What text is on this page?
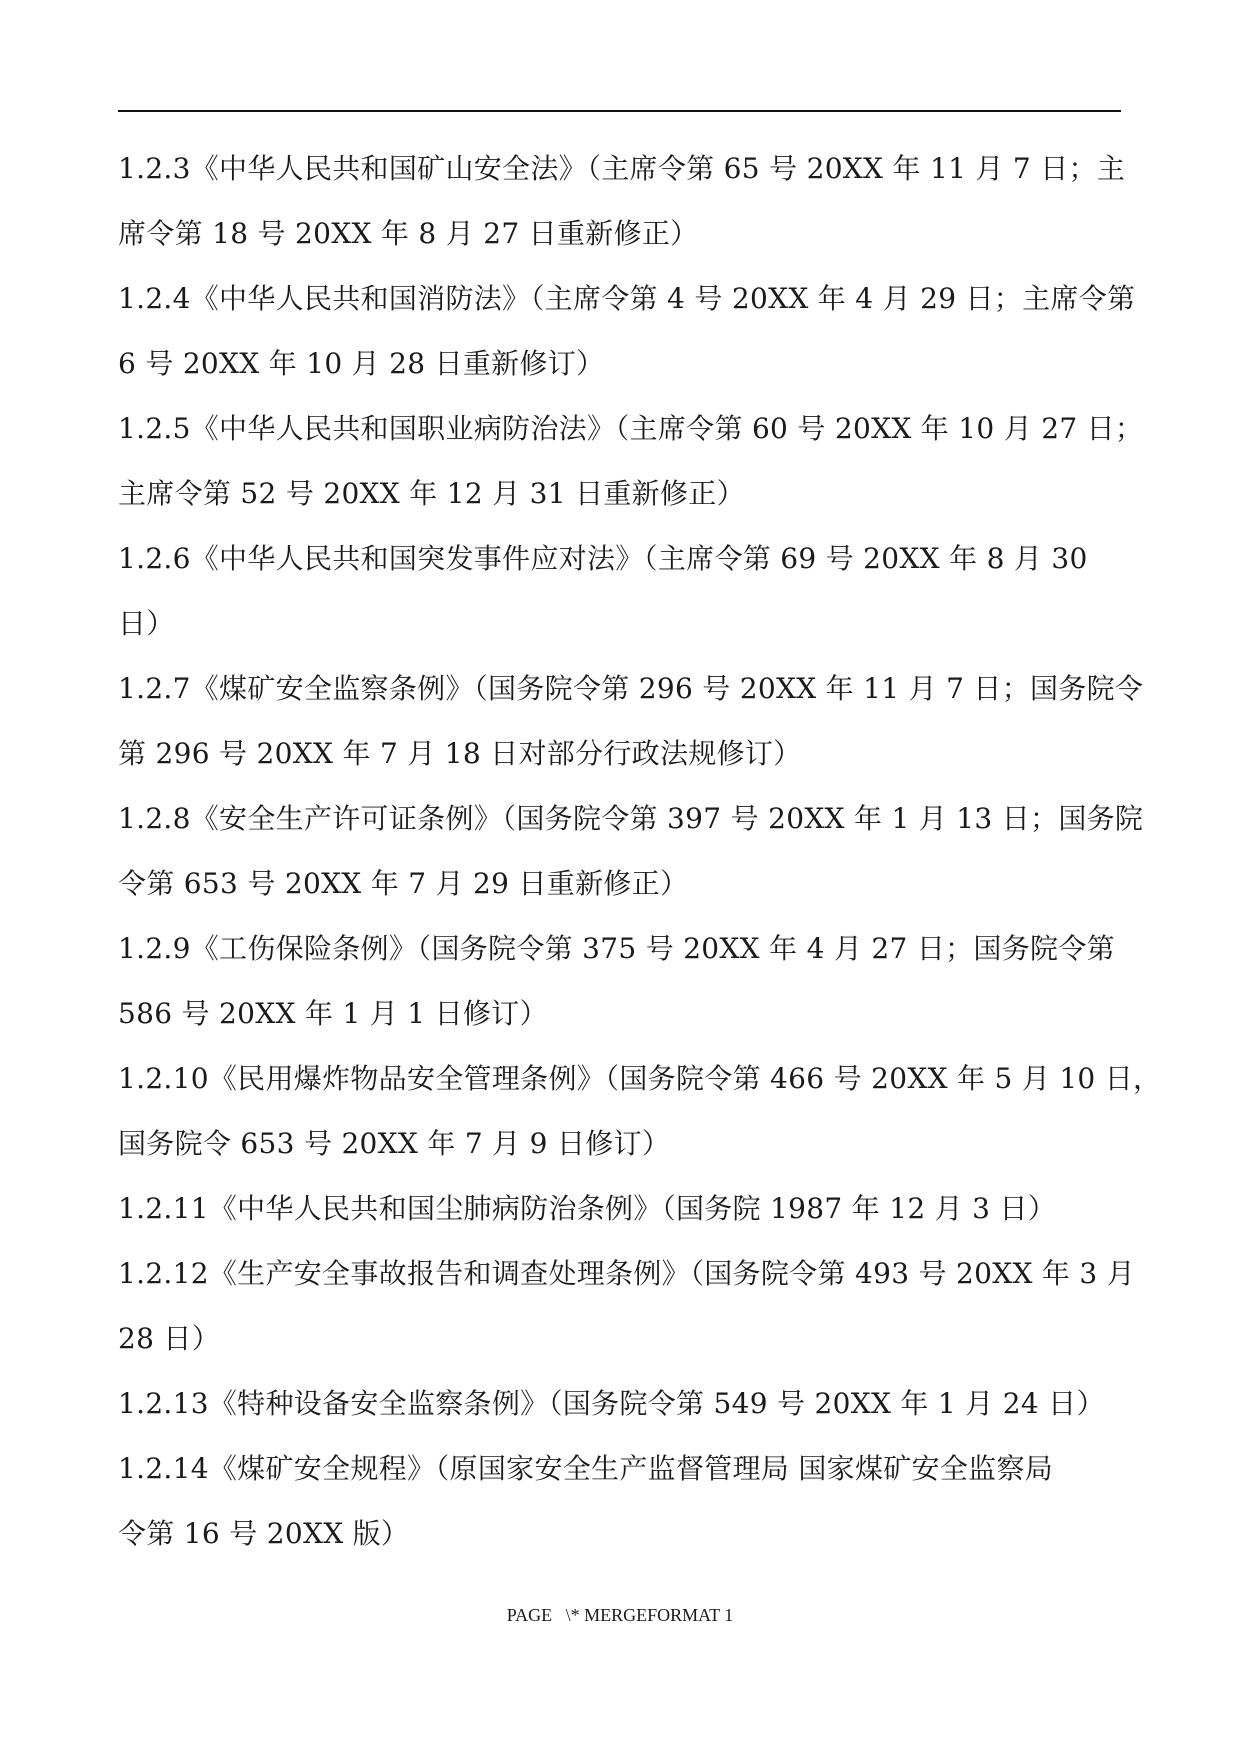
1.2.3《中华人民共和国矿山安全法》（主席令第 65 号 20XX 年 11 月 7 日；主
席令第 18 号 20XX 年 8 月 27 日重新修正）

1.2.4《中华人民共和国消防法》（主席令第 4 号 20XX 年 4 月 29 日；主席令第
6 号 20XX 年 10 月 28 日重新修订）

1.2.5《中华人民共和国职业病防治法》（主席令第 60 号 20XX 年 10 月 27 日；
主席令第 52 号 20XX 年 12 月 31 日重新修正）

1.2.6《中华人民共和国突发事件应对法》（主席令第 69 号 20XX 年 8 月 30
日）

1.2.7《煤矿安全监察条例》（国务院令第 296 号 20XX 年 11 月 7 日；国务院令
第 296 号 20XX 年 7 月 18 日对部分行政法规修订）

1.2.8《安全生产许可证条例》（国务院令第 397 号 20XX 年 1 月 13 日；国务院
令第 653 号 20XX 年 7 月 29 日重新修正）

1.2.9《工伤保险条例》（国务院令第 375 号 20XX 年 4 月 27 日；国务院令第
586 号 20XX 年 1 月 1 日修订）

1.2.10《民用爆炸物品安全管理条例》（国务院令第 466 号 20XX 年 5 月 10 日，
国务院令 653 号 20XX 年 7 月 9 日修订）

1.2.11《中华人民共和国尘肺病防治条例》（国务院 1987 年 12 月 3 日）

1.2.12《生产安全事故报告和调查处理条例》（国务院令第 493 号 20XX 年 3 月
28 日）

1.2.13《特种设备安全监察条例》（国务院令第 549 号 20XX 年 1 月 24 日）

1.2.14《煤矿安全规程》（原国家安全生产监督管理局 国家煤矿安全监察局
令第 16 号 20XX 版）

PAGE   \* MERGEFORMAT 1
